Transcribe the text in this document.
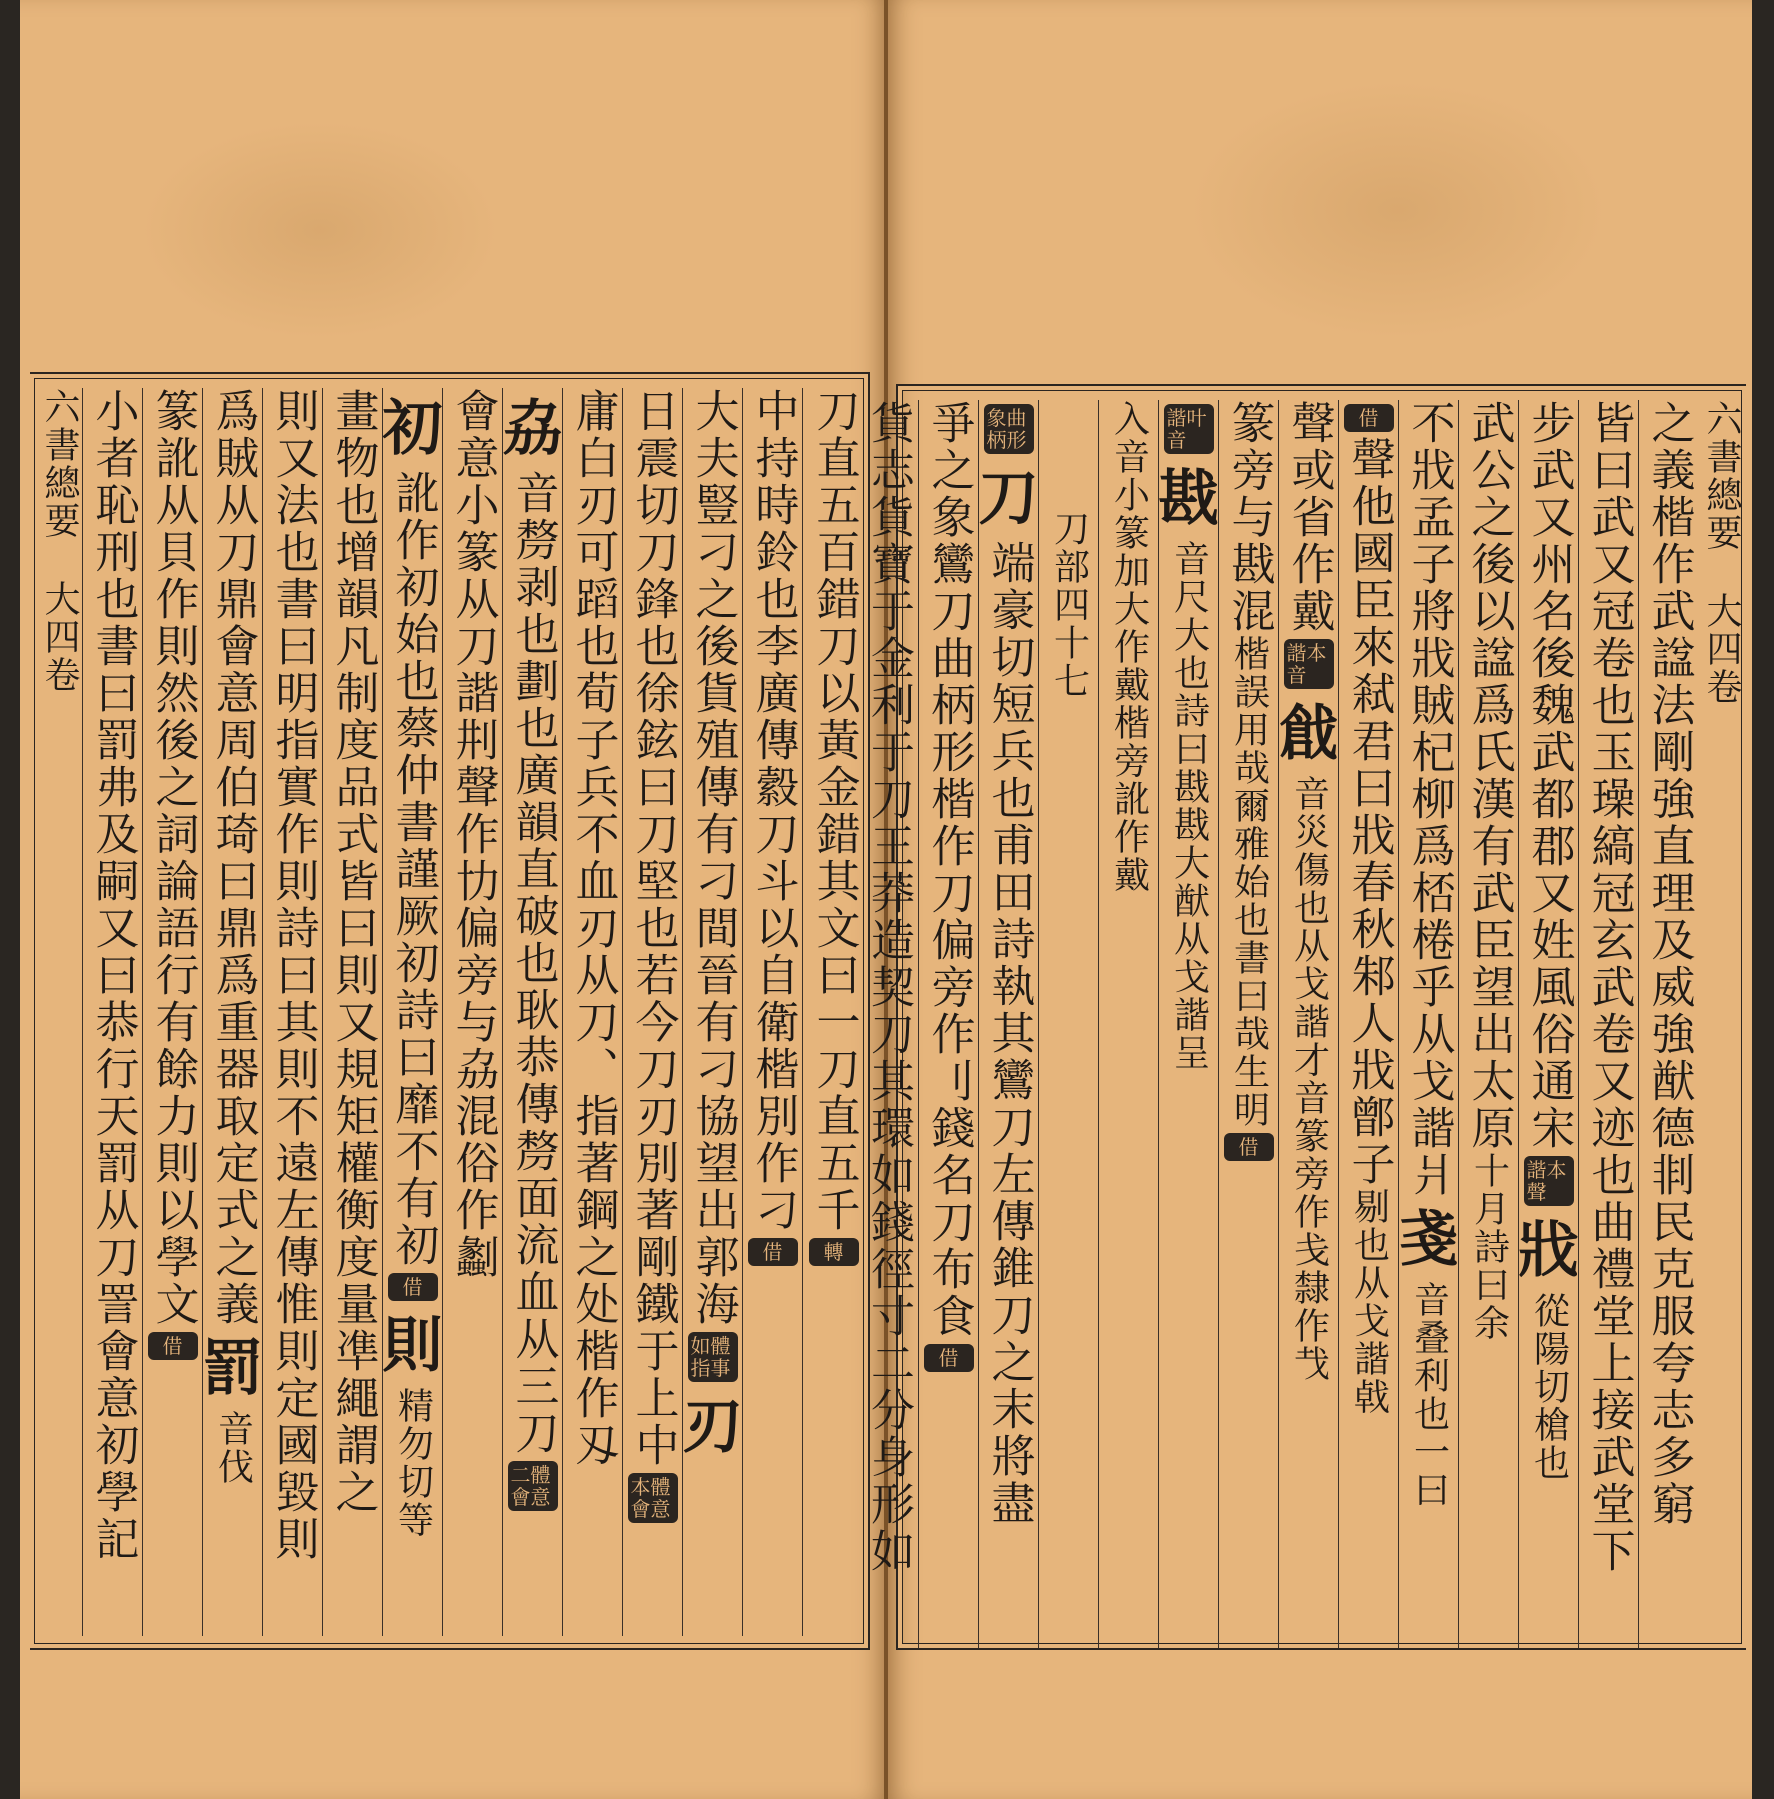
刀直五百錯刀以黃金錯其文曰一刀直五千
轉
中持時鈴也李廣傳縠刀斗以自衛楷別作刁
借
大夫豎刁之後貨殖傳有刁間晉有刁協望出郭海
如體指事
刃
日震切刀鋒也徐鉉曰刀堅也若今刀刃別著剛鐵于上中
本體會意
庸白刃可蹈也荀子兵不血刃从刀、指著鋼之处楷作刄
劦
音剺剥也劃也廣韻直破也耿恭傳剺面流血从三刀
二體會意
會意小篆从刀諧㓝聲作㔹偏旁与劦混俗作劙
初
訛作初始也蔡仲書謹厥初詩曰靡不有初
借
則
精勿切等
畫物也增韻凡制度品式皆曰則又規矩權衡度量凖繩謂之
則又法也書曰明指實作則詩曰其則不遠左傳惟則定國毀則
爲賊从刀鼎會意周伯琦曰鼎爲重器取定式之義
罰
音伐
篆訛从貝作則然後之詞論語行有餘力則以學文
借
小者恥刑也書曰罰弗及嗣又曰恭行天罰从刀詈會意初學記
六書總要
大四卷
六書總要
大四卷
之義楷作武諡法剛強直理及威強猷德剕民克服夸志多窮
皆曰武又冠卷也玉璪縞冠玄武卷又迹也曲禮堂上接武堂下
步武又州名後魏武都郡又姓風俗通宋
諧本聲
戕
從陽切槍也
武公之後以諡爲氏漢有武臣望出太原
十月詩曰余
不戕孟子將戕賊杞柳爲桮棬乎从戈諧爿
戔
音叠利也一曰
借
聲他國臣來弒君曰戕春秋邾人戕鄫子
剔也从戈諧㦸
聲或省作戴
諧本音
戧
音災傷也从戈諧才音篆旁作戋隸作𢦏
篆旁与戡混
楷誤用哉爾雅始也書曰哉生明
借
諧叶音
戡
音尺大也詩曰戡戡大猷从戈諧呈
入音小篆加大作戴楷旁訛作戴
刀部四十七
象曲柄形
刀
端豪切短兵也甫田詩執其鸞刀左傳錐刀之末將盡
爭之象鸞刀曲柄形楷作刀偏旁作刂錢名刀布食
借
貨志貨寶于金利于刀王莽造契刀其環如錢徑寸二分身形如
